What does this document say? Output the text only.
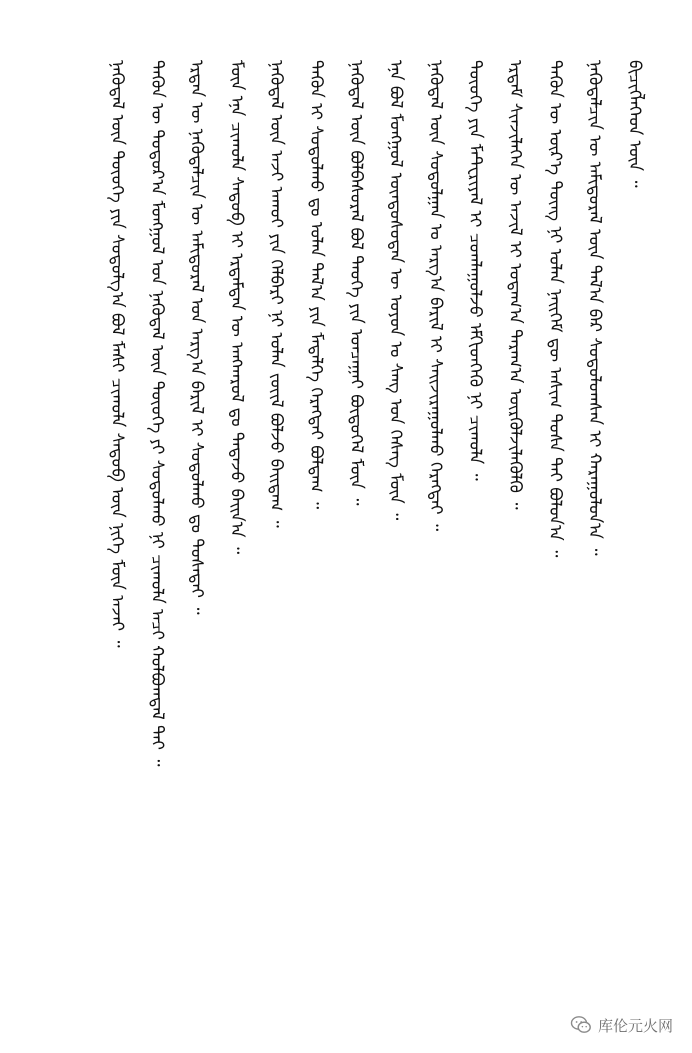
ᠨᠡᠭᠦᠳᠡᠯ ᠦᠨ ᠲᠦᠦᠬᠡ ᠶᠢᠨ ᠰᠤᠳᠤᠯᠭ᠎ᠠ ᠪᠣᠯ ᠮᠠᠰᠢ ᠴᠢᠬᠤᠯᠠ ᠰᠡᠳᠦᠪ ᠦᠨ ᠨᠢᠭᠡ ᠮᠥᠨ ᠠᠵᠠᠢ ᠃ ᠲᠡᠭᠦᠨ ᠦ ᠳᠣᠲᠣᠷ᠎ᠠ ᠮᠣᠩᠭᠣᠯ ᠤᠨ ᠨᠡᠭᠦᠳᠡᠯ ᠦᠨ ᠲᠦᠦᠬᠡ ᠶᠢ ᠰᠤᠳᠤᠯᠬᠤ ᠨᠢ ᠴᠢᠬᠤᠯᠠ ᠠᠴᠢ ᠬᠣᠯᠪᠤᠭᠳᠠᠯ ᠲᠠᠢ ᠃ ᠡᠷᠲᠡᠨ ᠦ ᠨᠡᠭᠦᠳᠡᠯᠴᠢᠨ ᠦ ᠠᠮᠢᠳᠤᠷᠠᠯ ᠤᠨ ᠠᠷᠭ᠎ᠠ ᠪᠠᠷᠢᠯ ᠢ ᠰᠤᠳᠤᠯᠬᠤ ᠳᠤ ᠲᠤᠰᠠᠲᠠᠢ ᠃ ᠮᠥᠨ ᠡᠨᠡ ᠴᠢᠬᠤᠯᠠ ᠰᠡᠳᠦᠪ ᠢ ᠡᠷᠳᠡᠮᠲᠡᠨ ᠦ ᠠᠩᠬᠠᠷᠤᠯ ᠳᠤ ᠲᠠᠲᠠᠵᠤ ᠪᠠᠢᠨ᠎ᠠ ᠃ ᠨᠡᠭᠦᠳᠡᠯ ᠦᠨ ᠠᠵᠢ ᠠᠬᠤᠢ ᠶᠢᠨ ᠬᠡᠯᠪᠡᠷᠢ ᠨᠢ ᠣᠯᠠᠨ ᠵᠦᠢᠯ ᠪᠣᠯᠵᠤ ᠪᠠᠢᠳᠠᠭ ᠃ ᠲᠡᠭᠦᠨ ᠢ ᠰᠤᠳᠤᠯᠬᠤ ᠳᠤ ᠣᠯᠠᠨ ᠲᠠᠯ᠎ᠠ ᠶᠢᠨ ᠮᠡᠳᠡᠯᠭᠡ ᠬᠡᠷᠡᠭᠲᠡᠢ ᠪᠣᠯᠳᠠᠭ ᠃ ᠨᠡᠭᠦᠳᠡᠯ ᠦᠨ ᠪᠣᠯᠪᠠᠰᠤᠷᠠᠯ ᠪᠣᠯ ᠲᠡᠦᠬᠡ ᠶᠢᠨ ᠣᠨᠴᠠᠭᠠᠢ ᠪᠦᠲᠦᠭᠡᠯ ᠮᠥᠨ ᠃ ᠡᠨᠡ ᠪᠣᠯ ᠮᠣᠩᠭᠣᠯ ᠦᠨᠳᠦᠰᠦᠲᠡᠨ ᠦ ᠣᠶᠤᠨ ᠤ ᠰᠠᠩ ᠤᠨ ᠬᠡᠰᠡᠭ ᠮᠥᠨ ᠃ ᠨᠡᠭᠦᠳᠡᠯ ᠦᠨ ᠰᠤᠳᠤᠯᠭᠠᠨ ᠤ ᠠᠷᠭ᠎ᠠ ᠪᠠᠷᠢᠯ ᠢ ᠰᠠᠢᠵᠢᠷᠠᠭᠤᠯᠬᠤ ᠬᠡᠷᠡᠭᠲᠡᠢ ᠃ ᠲᠦᠦᠬᠡ ᠶᠢᠨ ᠮᠠᠲ᠋ᠧᠷᠢᠶᠠᠯ ᠢ ᠴᠤᠭᠯᠠᠭᠤᠯᠵᠤ ᠡᠮᠬᠢᠳᠬᠡᠬᠦ ᠨᠢ ᠴᠢᠬᠤᠯᠠ ᠃ ᠡᠷᠳᠡᠮ ᠰᠢᠨᠵᠢᠯᠡᠭᠡᠨ ᠦ ᠠᠵᠢᠯ ᠢ ᠤᠳᠠᠭ᠎ᠠ ᠳᠠᠷᠠᠭ᠎ᠠ ᠦᠷᠭᠦᠯᠵᠢᠯᠡᠭᠦᠯᠬᠦ ᠃ ᠲᠡᠭᠦᠨ ᠦ ᠦᠷ᠎ᠡ ᠳᠦᠩ ᠨᠢ ᠣᠯᠠᠨ ᠨᠡᠢᠭᠡᠮ ᠳᠦ ᠠᠰᠢᠭ ᠲᠤᠰᠠ ᠲᠠᠢ ᠪᠣᠯᠤᠨ᠎ᠠ ᠃ ᠨᠡᠭᠦᠳᠡᠯᠴᠢᠨ ᠦ ᠠᠮᠢᠳᠤᠷᠠᠯ ᠦᠨ ᠲᠠᠯ᠎ᠠ ᠪᠠᠷ ᠰᠤᠳᠤᠯᠤᠭᠰᠠᠨ ᠢ ᠬᠠᠷᠠᠭᠤᠯᠤᠨ᠎ᠠ ᠃ ᠪᠢᠴᠢᠭᠯᠡᠭᠡᠳ ᠦᠨ ᠃
库伦元火网
